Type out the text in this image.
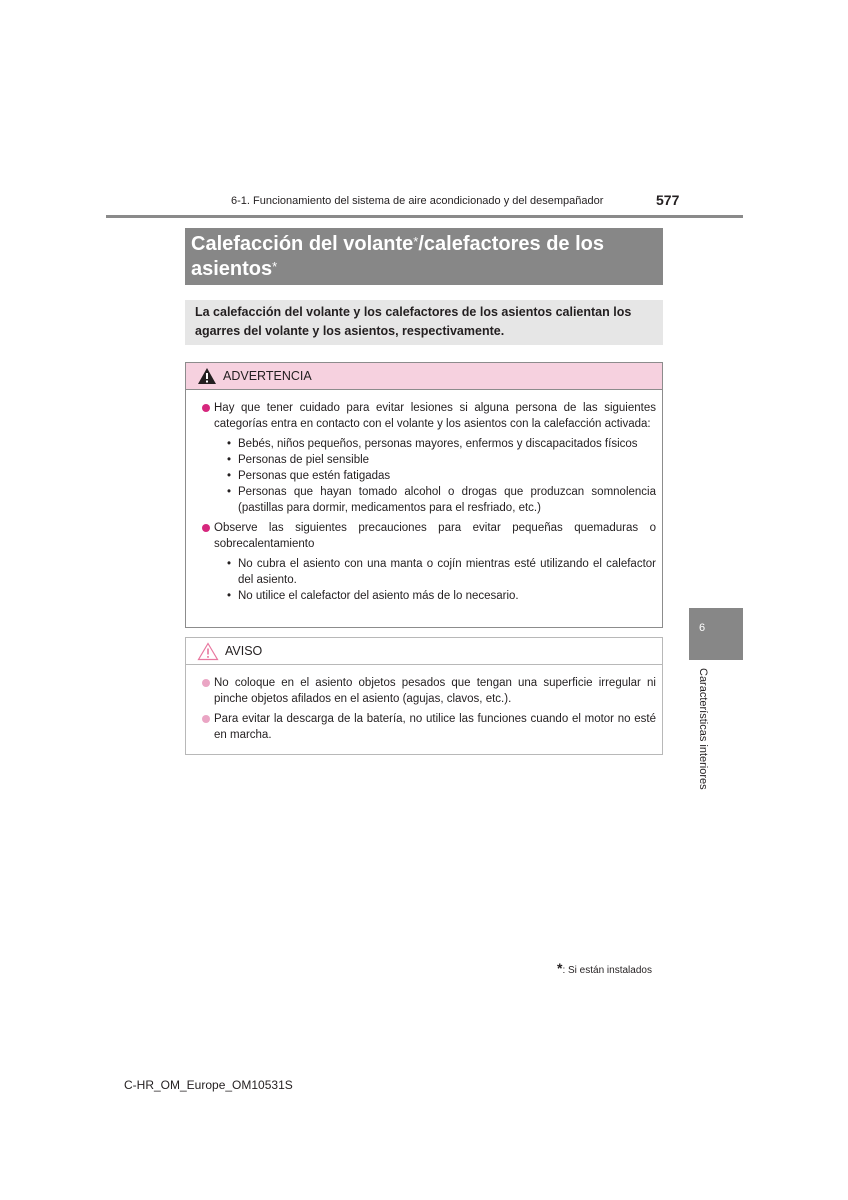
6-1. Funcionamiento del sistema de aire acondicionado y del desempañador	577
Calefacción del volante*/calefactores de los asientos*
La calefacción del volante y los calefactores de los asientos calientan los agarres del volante y los asientos, respectivamente.
ADVERTENCIA
Hay que tener cuidado para evitar lesiones si alguna persona de las siguientes categorías entra en contacto con el volante y los asientos con la calefacción activada:
• Bebés, niños pequeños, personas mayores, enfermos y discapacitados físicos
• Personas de piel sensible
• Personas que estén fatigadas
• Personas que hayan tomado alcohol o drogas que produzcan somnolencia (pastillas para dormir, medicamentos para el resfriado, etc.)
Observe las siguientes precauciones para evitar pequeñas quemaduras o sobrecalentamiento
• No cubra el asiento con una manta o cojín mientras esté utilizando el calefactor del asiento.
• No utilice el calefactor del asiento más de lo necesario.
AVISO
No coloque en el asiento objetos pesados que tengan una superficie irregular ni pinche objetos afilados en el asiento (agujas, clavos, etc.).
Para evitar la descarga de la batería, no utilice las funciones cuando el motor no esté en marcha.
6
Características interiores
*: Si están instalados
C-HR_OM_Europe_OM10531S
